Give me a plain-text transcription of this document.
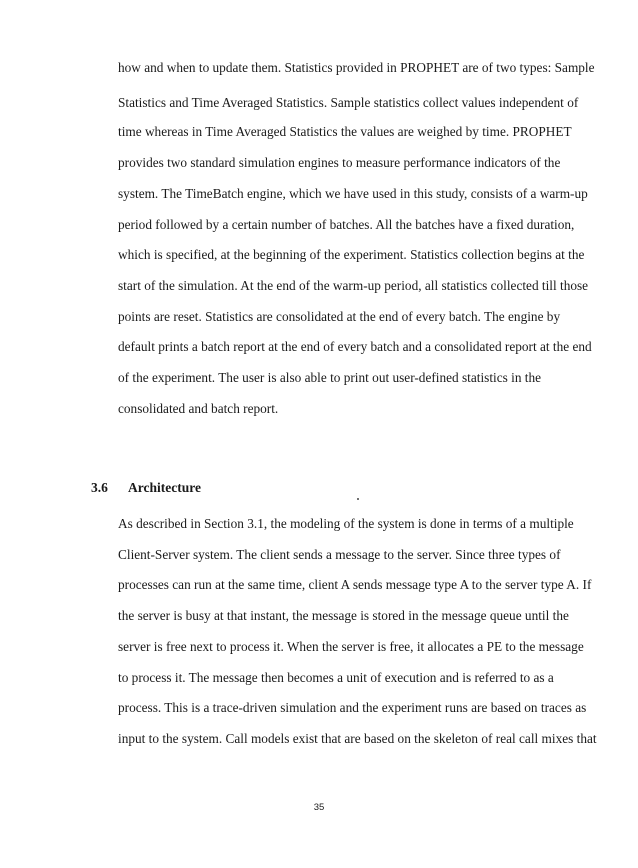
how and when to update them. Statistics provided in PROPHET are of two types: Sample
Statistics and Time Averaged Statistics. Sample statistics collect values independent of
time whereas in Time Averaged Statistics the values are weighed by time. PROPHET
provides two standard simulation engines to measure performance indicators of the
system. The TimeBatch engine, which we have used in this study, consists of a warm-up
period followed by a certain number of batches. All the batches have a fixed duration,
which is specified, at the beginning of the experiment. Statistics collection begins at the
start of the simulation. At the end of the warm-up period, all statistics collected till those
points are reset. Statistics are consolidated at the end of every batch. The engine by
default prints a batch report at the end of every batch and a consolidated report at the end
of the experiment. The user is also able to print out user-defined statistics in the
consolidated and batch report.
3.6 Architecture
As described in Section 3.1, the modeling of the system is done in terms of a multiple
Client-Server system. The client sends a message to the server. Since three types of
processes can run at the same time, client A sends message type A to the server type A. If
the server is busy at that instant, the message is stored in the message queue until the
server is free next to process it. When the server is free, it allocates a PE to the message
to process it. The message then becomes a unit of execution and is referred to as a
process. This is a trace-driven simulation and the experiment runs are based on traces as
input to the system. Call models exist that are based on the skeleton of real call mixes that
35
